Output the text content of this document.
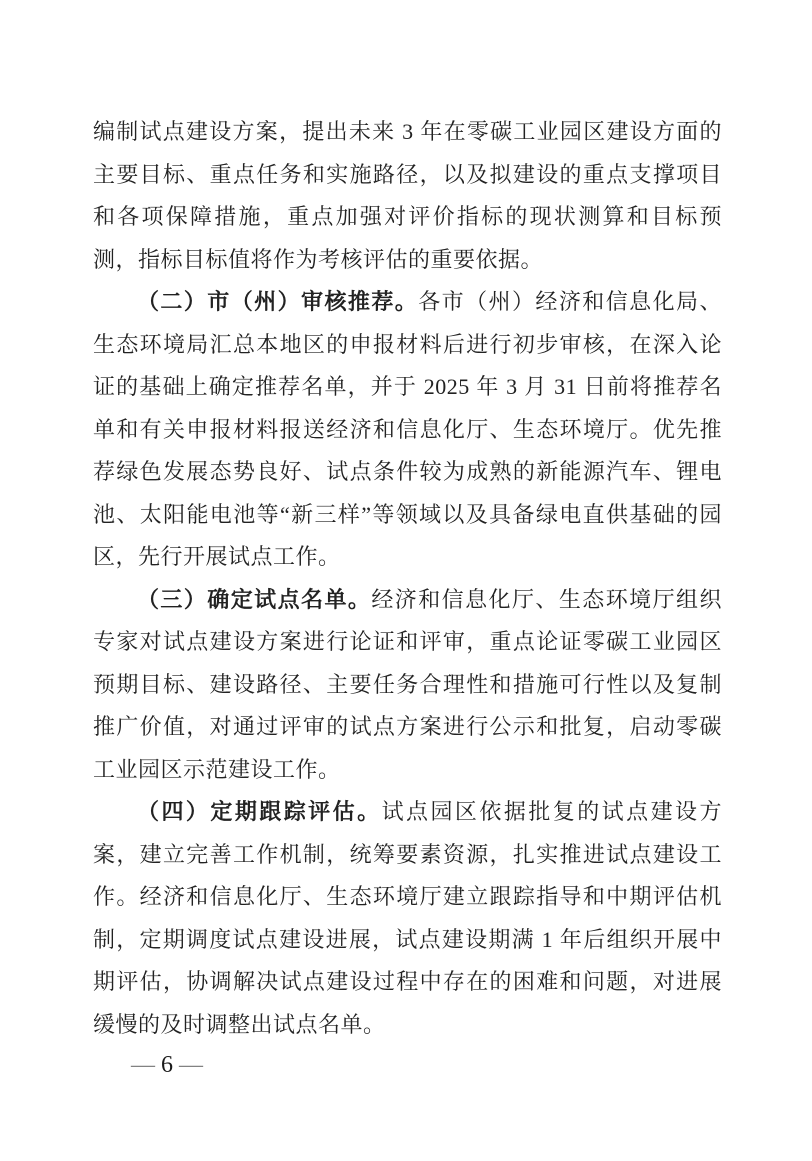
编制试点建设方案，提出未来 3 年在零碳工业园区建设方面的主要目标、重点任务和实施路径，以及拟建设的重点支撑项目和各项保障措施，重点加强对评价指标的现状测算和目标预测，指标目标值将作为考核评估的重要依据。

（二）市（州）审核推荐。各市（州）经济和信息化局、生态环境局汇总本地区的申报材料后进行初步审核，在深入论证的基础上确定推荐名单，并于 2025 年 3 月 31 日前将推荐名单和有关申报材料报送经济和信息化厅、生态环境厅。优先推荐绿色发展态势良好、试点条件较为成熟的新能源汽车、锂电池、太阳能电池等“新三样”等领域以及具备绿电直供基础的园区，先行开展试点工作。

（三）确定试点名单。经济和信息化厅、生态环境厅组织专家对试点建设方案进行论证和评审，重点论证零碳工业园区预期目标、建设路径、主要任务合理性和措施可行性以及复制推广价值，对通过评审的试点方案进行公示和批复，启动零碳工业园区示范建设工作。

（四）定期跟踪评估。试点园区依据批复的试点建设方案，建立完善工作机制，统筹要素资源，扎实推进试点建设工作。经济和信息化厅、生态环境厅建立跟踪指导和中期评估机制，定期调度试点建设进展，试点建设期满 1 年后组织开展中期评估，协调解决试点建设过程中存在的困难和问题，对进展缓慢的及时调整出试点名单。

— 6 —
